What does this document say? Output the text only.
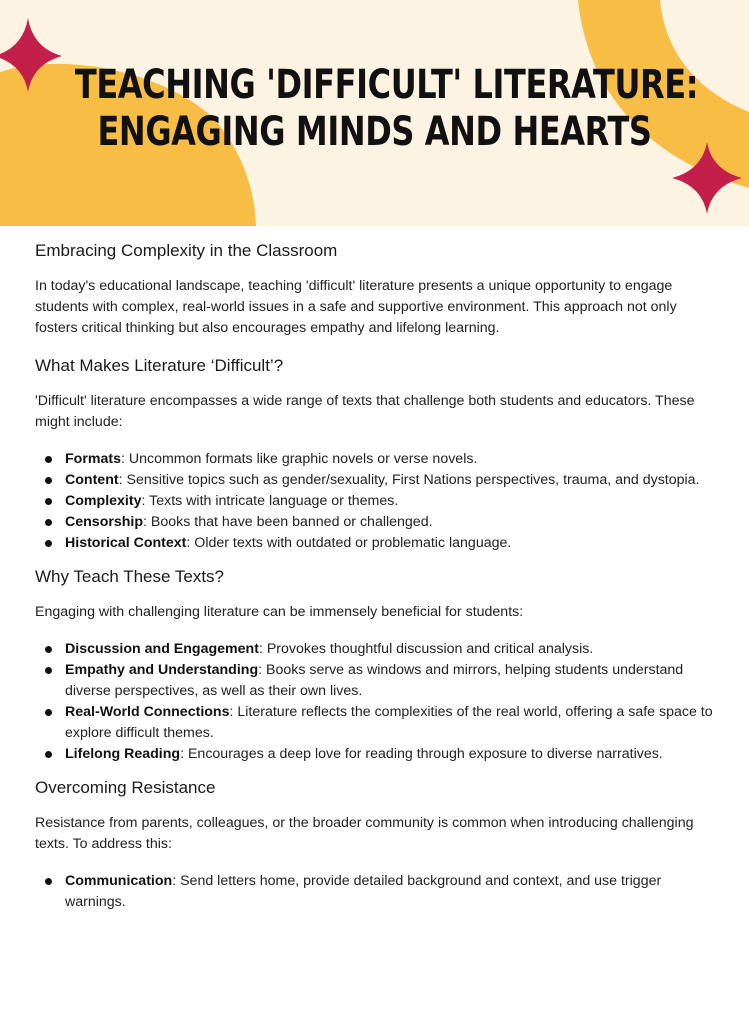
TEACHING 'DIFFICULT' LITERATURE:
ENGAGING MINDS AND HEARTS
Embracing Complexity in the Classroom

In today's educational landscape, teaching 'difficult' literature presents a unique opportunity to engage students with complex, real-world issues in a safe and supportive environment. This approach not only fosters critical thinking but also encourages empathy and lifelong learning.

What Makes Literature ‘Difficult’?

'Difficult' literature encompasses a wide range of texts that challenge both students and educators. These might include:

Formats: Uncommon formats like graphic novels or verse novels.
Content: Sensitive topics such as gender/sexuality, First Nations perspectives, trauma, and dystopia.
Complexity: Texts with intricate language or themes.
Censorship: Books that have been banned or challenged.
Historical Context: Older texts with outdated or problematic language.
Why Teach These Texts?

Engaging with challenging literature can be immensely beneficial for students:

Discussion and Engagement: Provokes thoughtful discussion and critical analysis.
Empathy and Understanding: Books serve as windows and mirrors, helping students understand diverse perspectives, as well as their own lives.
Real-World Connections: Literature reflects the complexities of the real world, offering a safe space to explore difficult themes.
Lifelong Reading: Encourages a deep love for reading through exposure to diverse narratives.
Overcoming Resistance

Resistance from parents, colleagues, or the broader community is common when introducing challenging texts. To address this:

Communication: Send letters home, provide detailed background and context, and use trigger warnings.
